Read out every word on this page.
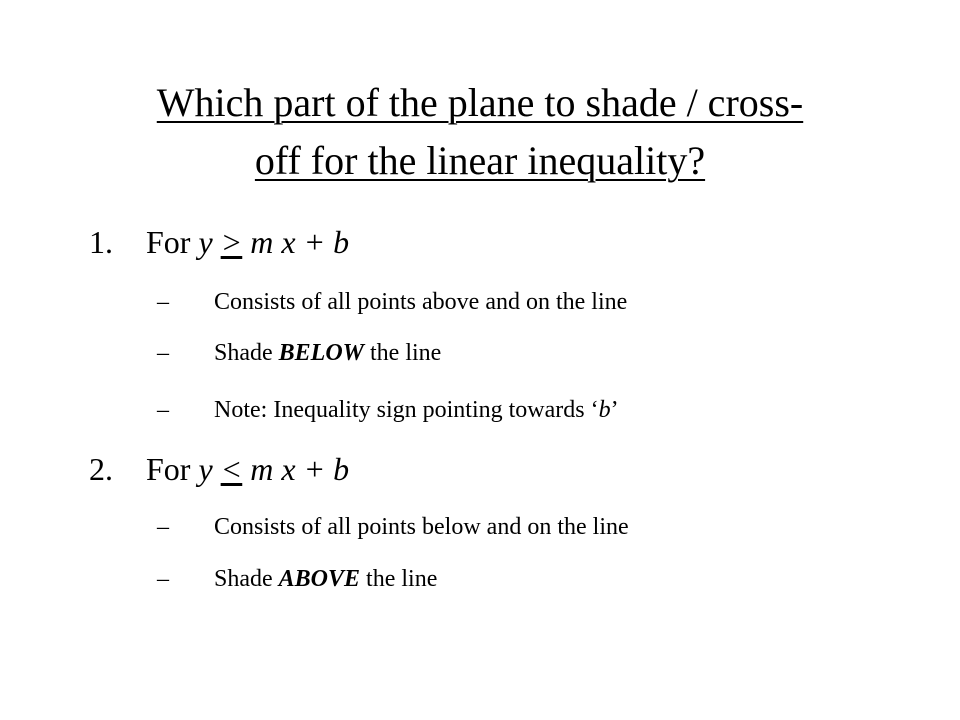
Which part of the plane to shade / cross-
off for the linear inequality?
1. For y > m x + b
– Consists of all points above and on the line
– Shade BELOW the line
– Note: Inequality sign pointing towards ‘b’
2. For y < m x + b
– Consists of all points below and on the line
– Shade ABOVE the line
